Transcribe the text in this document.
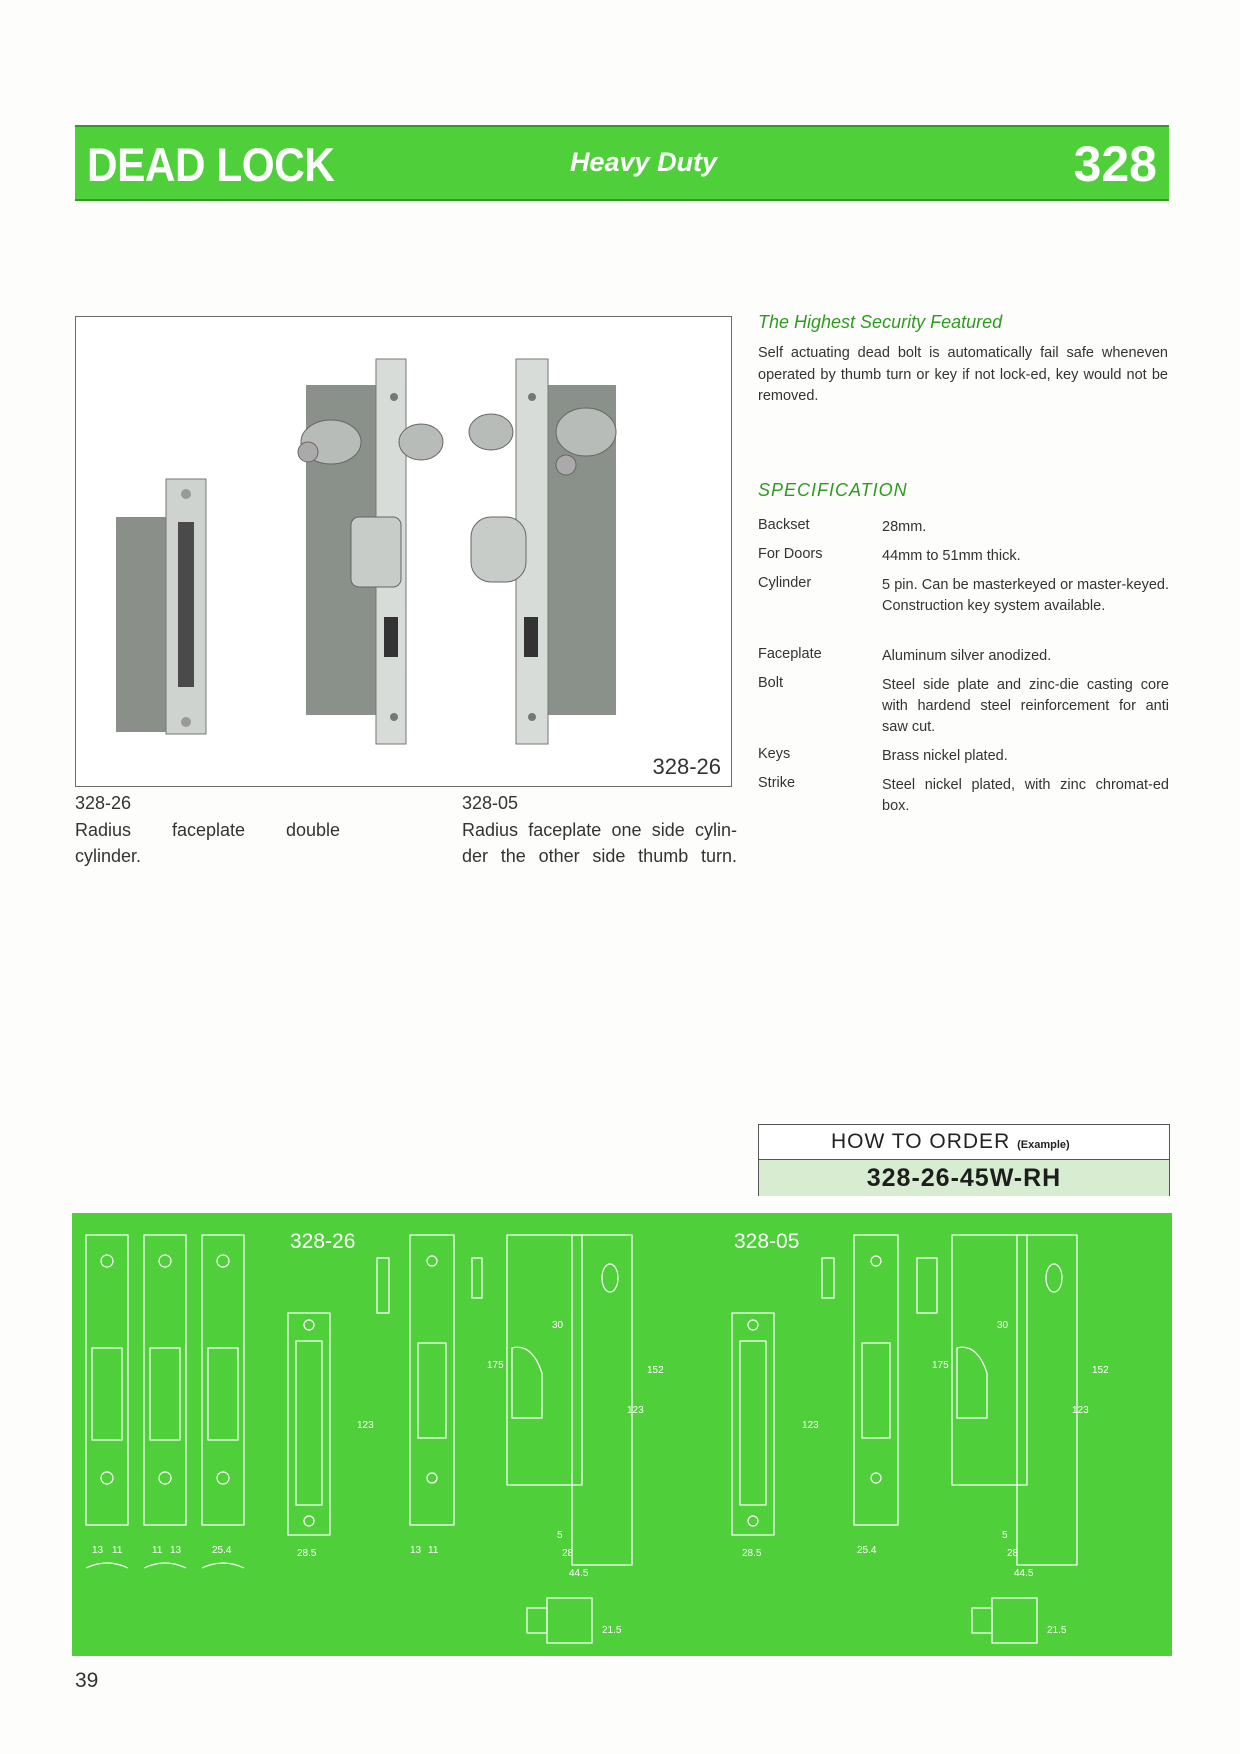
DEAD LOCK	Heavy Duty	328
328-26
328-26
Radius faceplate double
cylinder.
328-05
Radius faceplate one side cylin-
der the other side thumb turn.
The Highest Security Featured
Self actuating dead bolt is automatically fail safe wheneven operated by thumb turn or key if not lock-ed, key would not be removed.
SPECIFICATION
Backset	28mm.
For Doors	44mm to 51mm thick.
Cylinder	5 pin. Can be masterkeyed or master-keyed. Construction key system available.
Faceplate	Aluminum silver anodized.
Bolt	Steel side plate and zinc-die casting core with hardend steel reinforcement for anti saw cut.
Keys	Brass nickel plated.
Strike	Steel nickel plated, with zinc chromat-ed box.
HOW TO ORDER (Example)
328-26-45W-RH
328-26	328-05
13 11	11 13	25.4	28.5
123
13 11
175
30
152
123
5
28
44.5
21.5
28.5
123
25.4
175
30
152
123
5
28
44.5
21.5
39
